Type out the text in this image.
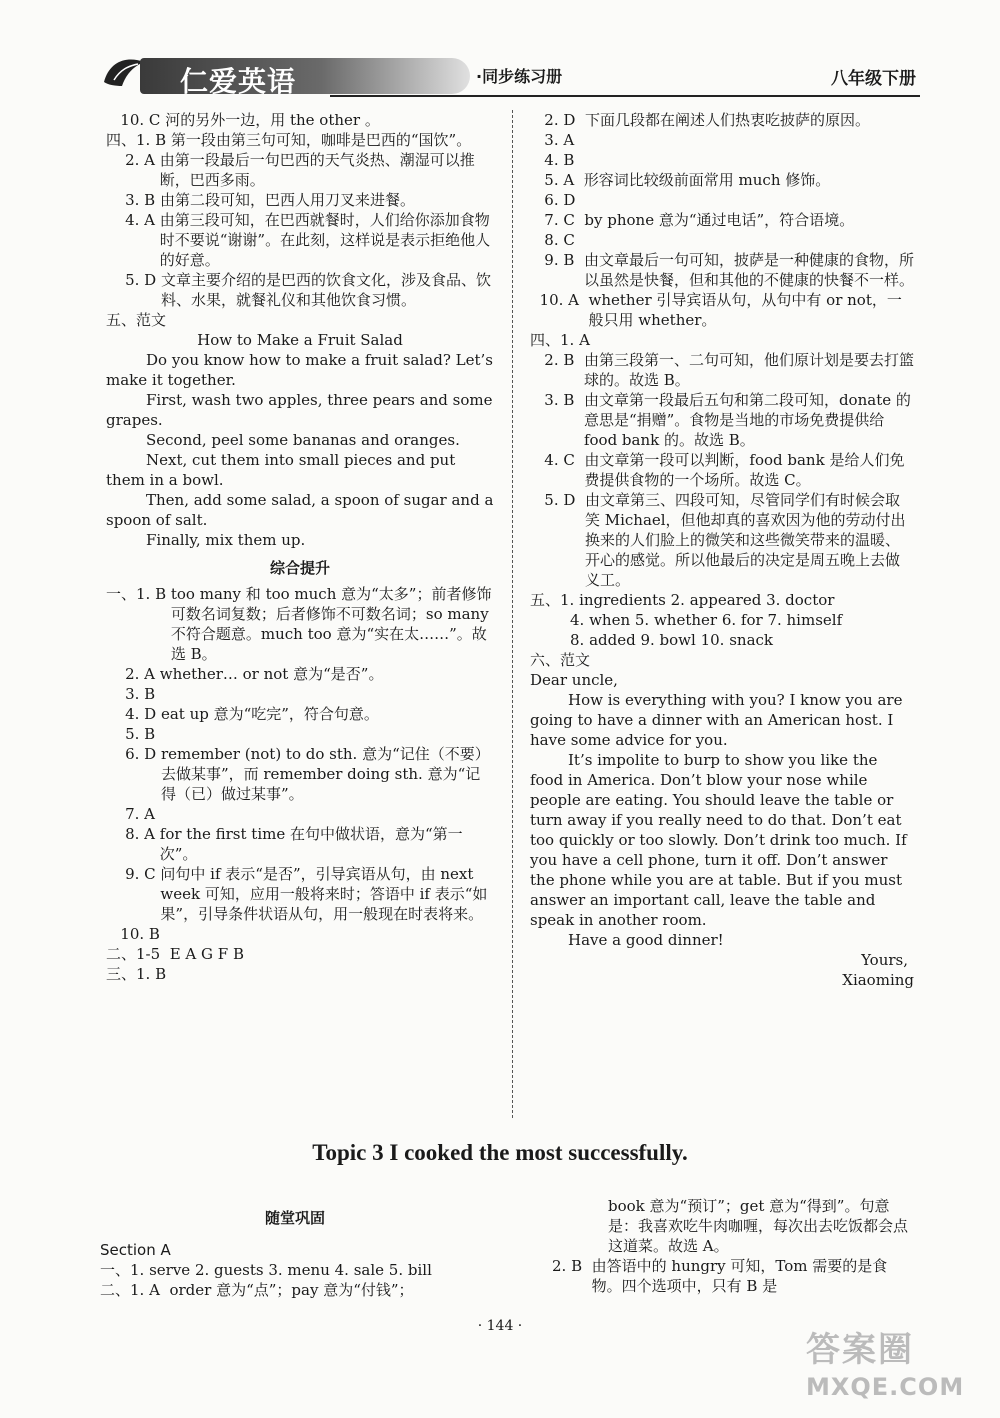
仁爱英语	·同步练习册	八年级下册
10. C 河的另外一边，用 the other 。
四、1. B 第一段由第三句可知，咖啡是巴西的“国饮”。
2. A 由第一段最后一句巴西的天气炎热、潮湿可以推断，巴西多雨。
3. B 由第二段可知，巴西人用刀叉来进餐。
4. A 由第三段可知，在巴西就餐时，人们给你添加食物时不要说“谢谢”。在此刻，这样说是表示拒绝他人的好意。
5. D 文章主要介绍的是巴西的饮食文化，涉及食品、饮料、水果，就餐礼仪和其他饮食习惯。
五、范文
How to Make a Fruit Salad
Do you know how to make a fruit salad? Let’s make it together.
First, wash two apples, three pears and some grapes.
Second, peel some bananas and oranges.
Next, cut them into small pieces and put them in a bowl.
Then, add some salad, a spoon of sugar and a spoon of salt.
Finally, mix them up.
综合提升
一、1. B too many 和 too much 意为“太多”；前者修饰可数名词复数；后者修饰不可数名词；so many 不符合题意。much too 意为“实在太……”。故选 B。
2. A whether… or not 意为“是否”。
3. B
4. D eat up 意为“吃完”，符合句意。
5. B
6. D remember (not) to do sth. 意为“记住（不要）去做某事”，而 remember doing sth. 意为“记得（已）做过某事”。
7. A
8. A for the first time 在句中做状语，意为“第一次”。
9. C 问句中 if 表示“是否”，引导宾语从句，由 next week 可知，应用一般将来时；答语中 if 表示“如果”，引导条件状语从句，用一般现在时表将来。
10. B
二、1-5 E A G F B
三、1. B
2. D 下面几段都在阐述人们热衷吃披萨的原因。
3. A
4. B
5. A 形容词比较级前面常用 much 修饰。
6. D
7. C by phone 意为“通过电话”，符合语境。
8. C
9. B 由文章最后一句可知，披萨是一种健康的食物，所以虽然是快餐，但和其他的不健康的快餐不一样。
10. A whether 引导宾语从句，从句中有 or not，一般只用 whether。
四、1. A
2. B 由第三段第一、二句可知，他们原计划是要去打篮球的。故选 B。
3. B 由文章第一段最后五句和第二段可知，donate 的意思是“捐赠”。食物是当地的市场免费提供给 food bank 的。故选 B。
4. C 由文章第一段可以判断，food bank 是给人们免费提供食物的一个场所。故选 C。
5. D 由文章第三、四段可知，尽管同学们有时候会取笑 Michael，但他却真的喜欢因为他的劳动付出换来的人们脸上的微笑和这些微笑带来的温暖、开心的感觉。所以他最后的决定是周五晚上去做义工。
五、1. ingredients 2. appeared 3. doctor
4. when 5. whether 6. for 7. himself
8. added 9. bowl 10. snack
六、范文
Dear uncle,
How is everything with you? I know you are going to have a dinner with an American host. I have some advice for you.
It’s impolite to burp to show you like the food in America. Don’t blow your nose while people are eating. You should leave the table or turn away if you really need to do that. Don’t eat too quickly or too slowly. Don’t drink too much. If you have a cell phone, turn it off. Don’t answer the phone while you are at table. But if you must answer an important call, leave the table and speak in another room.
Have a good dinner!
Yours,
Xiaoming
Topic 3 I cooked the most successfully.
随堂巩固
Section A
一、1. serve 2. guests 3. menu 4. sale 5. bill
二、1. A order 意为“点”；pay 意为“付钱”；
book 意为“预订”；get 意为“得到”。句意是：我喜欢吃牛肉咖喱，每次出去吃饭都会点这道菜。故选 A。
2. B 由答语中的 hungry 可知，Tom 需要的是食物。四个选项中，只有 B 是
· 144 ·
答案圈
MXQE.COM
